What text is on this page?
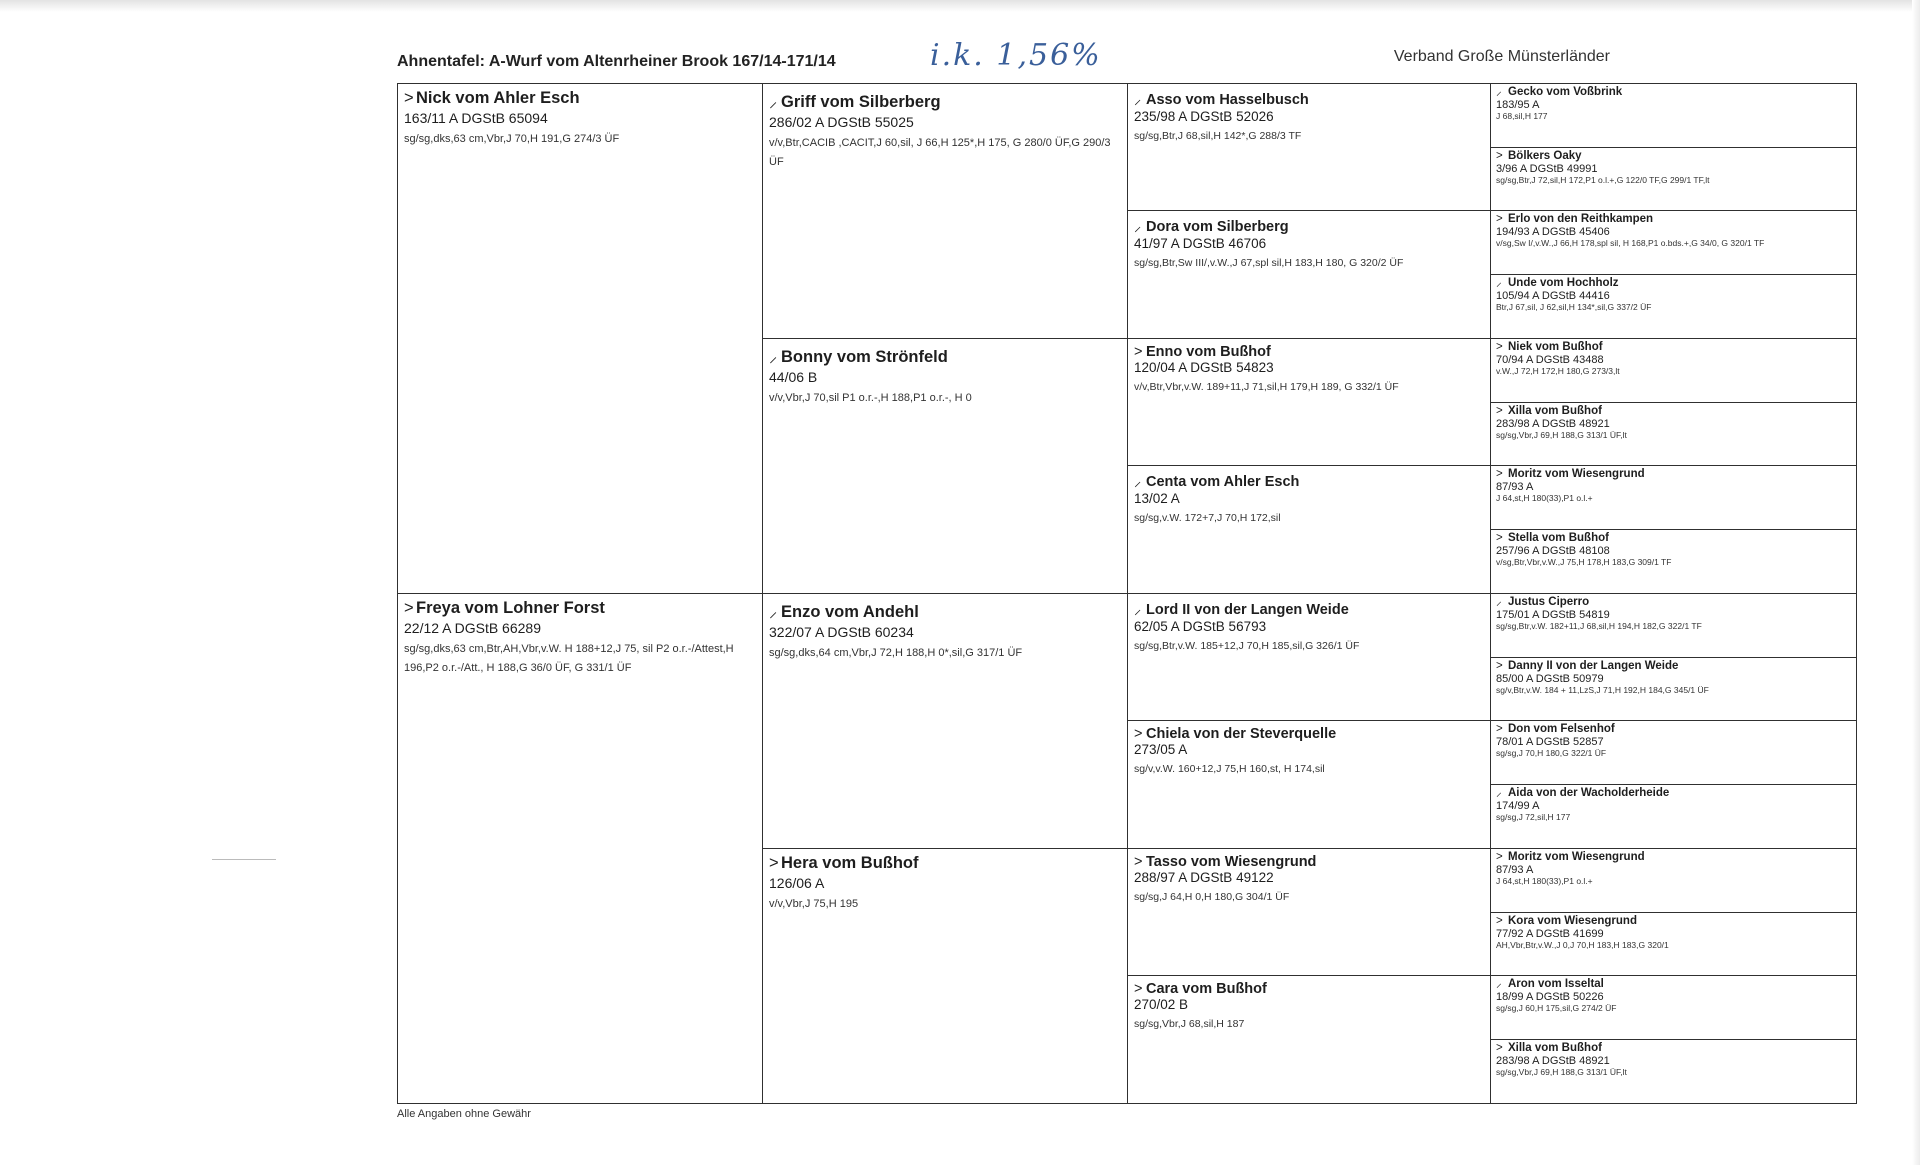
Ahnentafel: A-Wurf vom Altenrheiner Brook 167/14-171/14	i.k. 1,56%	Verband Große Münsterländer
> Nick vom Ahler Esch
163/11 A DGStB 65094
sg/sg,dks,63 cm,Vbr,J 70,H 191,G 274/3 ÜF
> Freya vom Lohner Forst
22/12 A DGStB 66289
sg/sg,dks,63 cm,Btr,AH,Vbr,v.W. H 188+12,J 75, sil P2 o.r.-/Attest,H 196,P2 o.r.-/Att., H 188,G 36/0 ÜF, G 331/1 ÜF
⸝ Griff vom Silberberg
286/02 A DGStB 55025
v/v,Btr,CACIB ,CACIT,J 60,sil, J 66,H 125*,H 175, G 280/0 ÜF,G 290/3 ÜF
⸝ Bonny vom Strönfeld
44/06 B
v/v,Vbr,J 70,sil P1 o.r.-,H 188,P1 o.r.-, H 0
⸝ Enzo vom Andehl
322/07 A DGStB 60234
sg/sg,dks,64 cm,Vbr,J 72,H 188,H 0*,sil,G 317/1 ÜF
> Hera vom Bußhof
126/06 A
v/v,Vbr,J 75,H 195
⸝ Asso vom Hasselbusch
235/98 A DGStB 52026
sg/sg,Btr,J 68,sil,H 142*,G 288/3 TF
⸝ Dora vom Silberberg
41/97 A DGStB 46706
sg/sg,Btr,Sw III/,v.W.,J 67,spl sil,H 183,H 180, G 320/2 ÜF
> Enno vom Bußhof
120/04 A DGStB 54823
v/v,Btr,Vbr,v.W. 189+11,J 71,sil,H 179,H 189, G 332/1 ÜF
⸝ Centa vom Ahler Esch
13/02 A
sg/sg,v.W. 172+7,J 70,H 172,sil
⸝ Lord II von der Langen Weide
62/05 A DGStB 56793
sg/sg,Btr,v.W. 185+12,J 70,H 185,sil,G 326/1 ÜF
> Chiela von der Steverquelle
273/05 A
sg/v,v.W. 160+12,J 75,H 160,st, H 174,sil
> Tasso vom Wiesengrund
288/97 A DGStB 49122
sg/sg,J 64,H 0,H 180,G 304/1 ÜF
> Cara vom Bußhof
270/02 B
sg/sg,Vbr,J 68,sil,H 187
⸝ Gecko vom Voßbrink
183/95 A
J 68,sil,H 177
> Bölkers Oaky
3/96 A DGStB 49991
sg/sg,Btr,J 72,sil,H 172,P1 o.l.+,G 122/0 TF,G 299/1 TF,lt
> Erlo von den Reithkampen
194/93 A DGStB 45406
v/sg,Sw I/,v.W.,J 66,H 178,spl sil, H 168,P1 o.bds.+,G 34/0, G 320/1 TF
⸝ Unde vom Hochholz
105/94 A DGStB 44416
Btr,J 67,sil, J 62,sil,H 134*,sil,G 337/2 ÜF
> Niek vom Bußhof
70/94 A DGStB 43488
v.W.,J 72,H 172,H 180,G 273/3,lt
> Xilla vom Bußhof
283/98 A DGStB 48921
sg/sg,Vbr,J 69,H 188,G 313/1 ÜF,lt
> Moritz vom Wiesengrund
87/93 A
J 64,st,H 180(33),P1 o.l.+
> Stella vom Bußhof
257/96 A DGStB 48108
v/sg,Btr,Vbr,v.W.,J 75,H 178,H 183,G 309/1 TF
⸝ Justus Ciperro
175/01 A DGStB 54819
sg/sg,Btr,v.W. 182+11,J 68,sil,H 194,H 182,G 322/1 TF
> Danny II von der Langen Weide
85/00 A DGStB 50979
sg/v,Btr,v.W. 184 + 11,LzS,J 71,H 192,H 184,G 345/1 ÜF
> Don vom Felsenhof
78/01 A DGStB 52857
sg/sg,J 70,H 180,G 322/1 ÜF
⸝ Aida von der Wacholderheide
174/99 A
sg/sg,J 72,sil,H 177
> Moritz vom Wiesengrund
87/93 A
J 64,st,H 180(33),P1 o.l.+
> Kora vom Wiesengrund
77/92 A DGStB 41699
AH,Vbr,Btr,v.W.,J 0,J 70,H 183,H 183,G 320/1
⸝ Aron vom Isseltal
18/99 A DGStB 50226
sg/sg,J 60,H 175,sil,G 274/2 ÜF
> Xilla vom Bußhof
283/98 A DGStB 48921
sg/sg,Vbr,J 69,H 188,G 313/1 ÜF,lt
Alle Angaben ohne Gewähr
